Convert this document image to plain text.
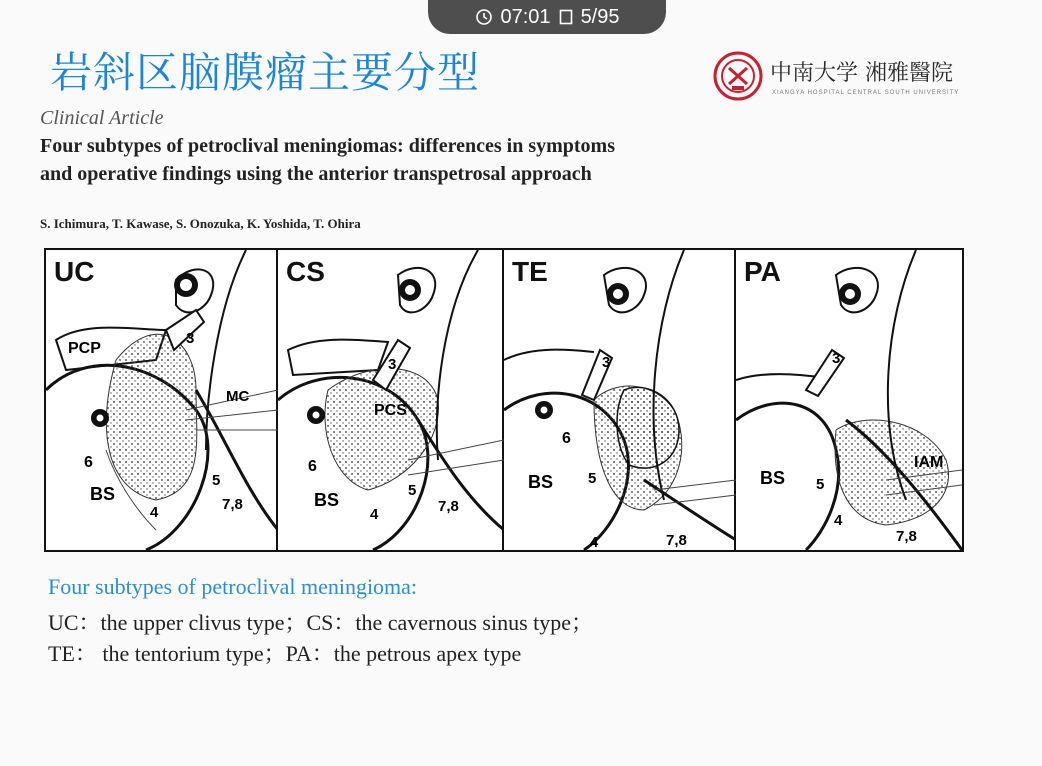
07:01 5/95
岩斜区脑膜瘤主要分型	中南大学 湘雅醫院
XIANGYA HOSPITAL CENTRAL SOUTH UNIVERSITY
Clinical Article
Four subtypes of petroclival meningiomas: differences in symptoms
and operative findings using the anterior transpetrosal approach
S. Ichimura, T. Kawase, S. Onozuka, K. Yoshida, T. Ohira
UC
PCP
3
MC
6
BS
4
5
7,8
CS
3
PCS
6
BS
4
5
7,8
TE
3
6
BS 5
4	7,8
PA
3
IAM
BS 5
4
7,8
Four subtypes of petroclival meningioma:
UC：the upper clivus type；CS：the cavernous sinus type；
TE： the tentorium type；PA：the petrous apex type
